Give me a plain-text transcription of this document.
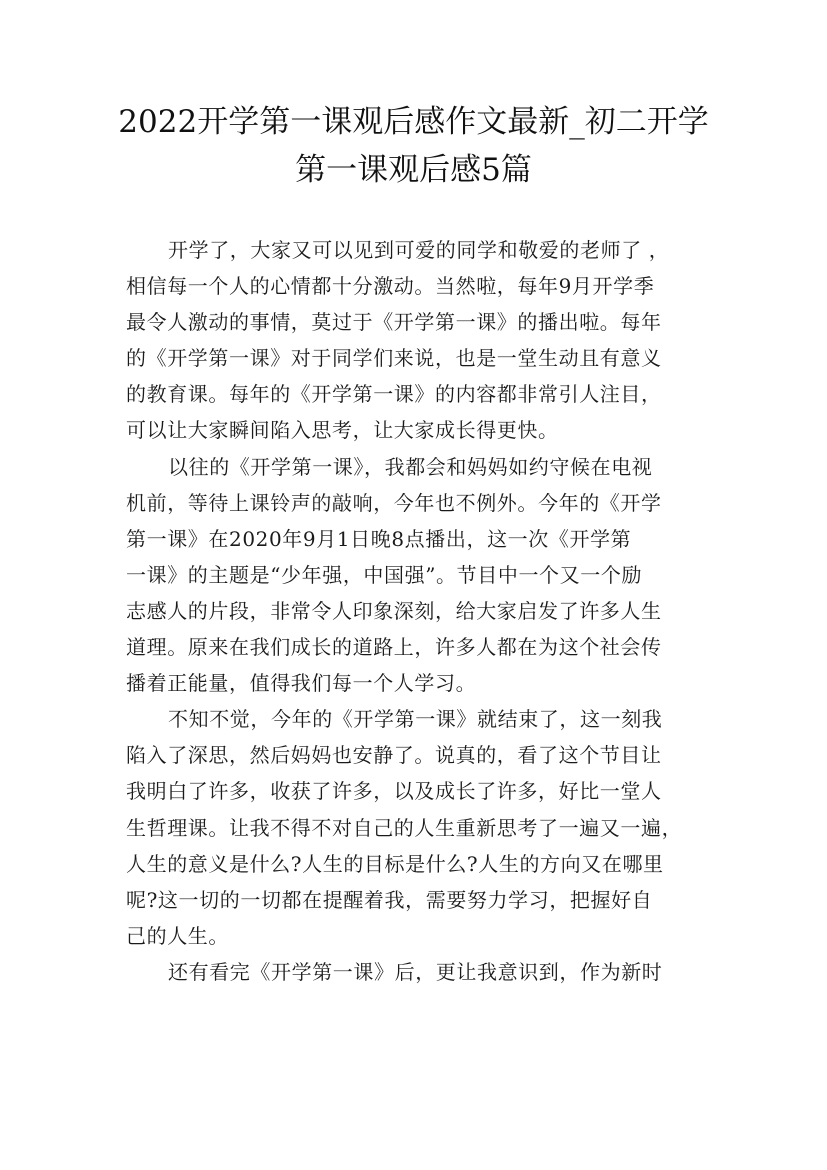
2022开学第一课观后感作文最新_初二开学
第一课观后感5篇

开学了，大家又可以见到可爱的同学和敬爱的老师了 ，
相信每一个人的心情都十分激动。当然啦，每年9月开学季
最令人激动的事情，莫过于《开学第一课》的播出啦。每年
的《开学第一课》对于同学们来说，也是一堂生动且有意义
的教育课。每年的《开学第一课》的内容都非常引人注目，
可以让大家瞬间陷入思考，让大家成长得更快。

以往的《开学第一课》，我都会和妈妈如约守候在电视
机前，等待上课铃声的敲响，今年也不例外。今年的《开学
第一课》在2020年9月1日晚8点播出，这一次《开学第
一课》的主题是“少年强，中国强”。节目中一个又一个励
志感人的片段，非常令人印象深刻，给大家启发了许多人生
道理。原来在我们成长的道路上，许多人都在为这个社会传
播着正能量，值得我们每一个人学习。

不知不觉，今年的《开学第一课》就结束了，这一刻我
陷入了深思，然后妈妈也安静了。说真的，看了这个节目让
我明白了许多，收获了许多，以及成长了许多，好比一堂人
生哲理课。让我不得不对自己的人生重新思考了一遍又一遍，
人生的意义是什么?人生的目标是什么?人生的方向又在哪里
呢?这一切的一切都在提醒着我，需要努力学习，把握好自
己的人生。

还有看完《开学第一课》后，更让我意识到，作为新时
